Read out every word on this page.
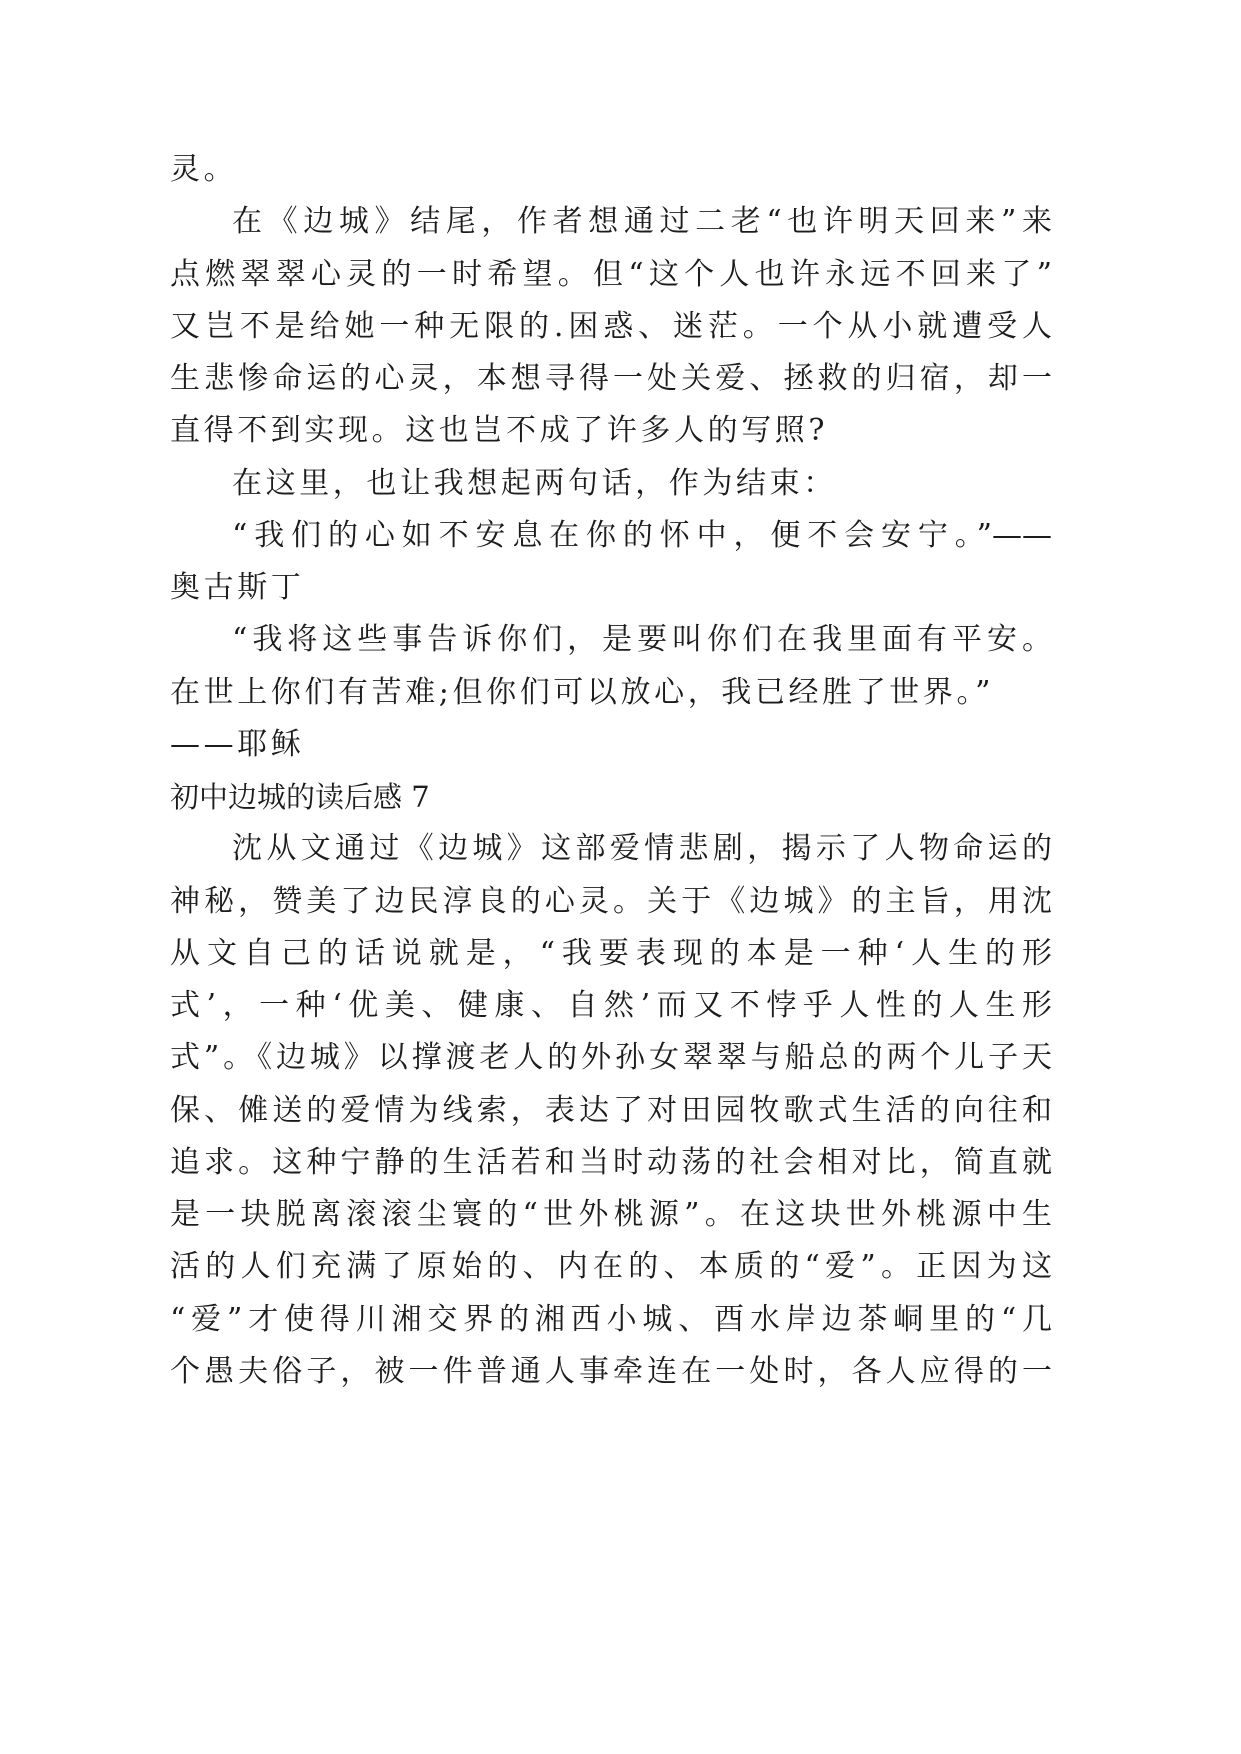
灵。
在《边城》结尾，作者想通过二老“也许明天回来”来
点燃翠翠心灵的一时希望。但“这个人也许永远不回来了”
又岂不是给她一种无限的.困惑、迷茫。一个从小就遭受人
生悲惨命运的心灵，本想寻得一处关爱、拯救的归宿，却一
直得不到实现。这也岂不成了许多人的写照?
在这里，也让我想起两句话，作为结束：
“我们的心如不安息在你的怀中，便不会安宁。”——
奥古斯丁
“我将这些事告诉你们，是要叫你们在我里面有平安。
在世上你们有苦难;但你们可以放心，我已经胜了世界。”
——耶稣
初中边城的读后感 7
沈从文通过《边城》这部爱情悲剧，揭示了人物命运的
神秘，赞美了边民淳良的心灵。关于《边城》的主旨，用沈
从文自己的话说就是，“我要表现的本是一种‘人生的形
式’，一种‘优美、健康、自然’而又不悖乎人性的人生形
式”。《边城》以撑渡老人的外孙女翠翠与船总的两个儿子天
保、傩送的爱情为线索，表达了对田园牧歌式生活的向往和
追求。这种宁静的生活若和当时动荡的社会相对比，简直就
是一块脱离滚滚尘寰的“世外桃源”。在这块世外桃源中生
活的人们充满了原始的、内在的、本质的“爱”。正因为这
“爱”才使得川湘交界的湘西小城、酉水岸边茶峒里的“几
个愚夫俗子，被一件普通人事牵连在一处时，各人应得的一
